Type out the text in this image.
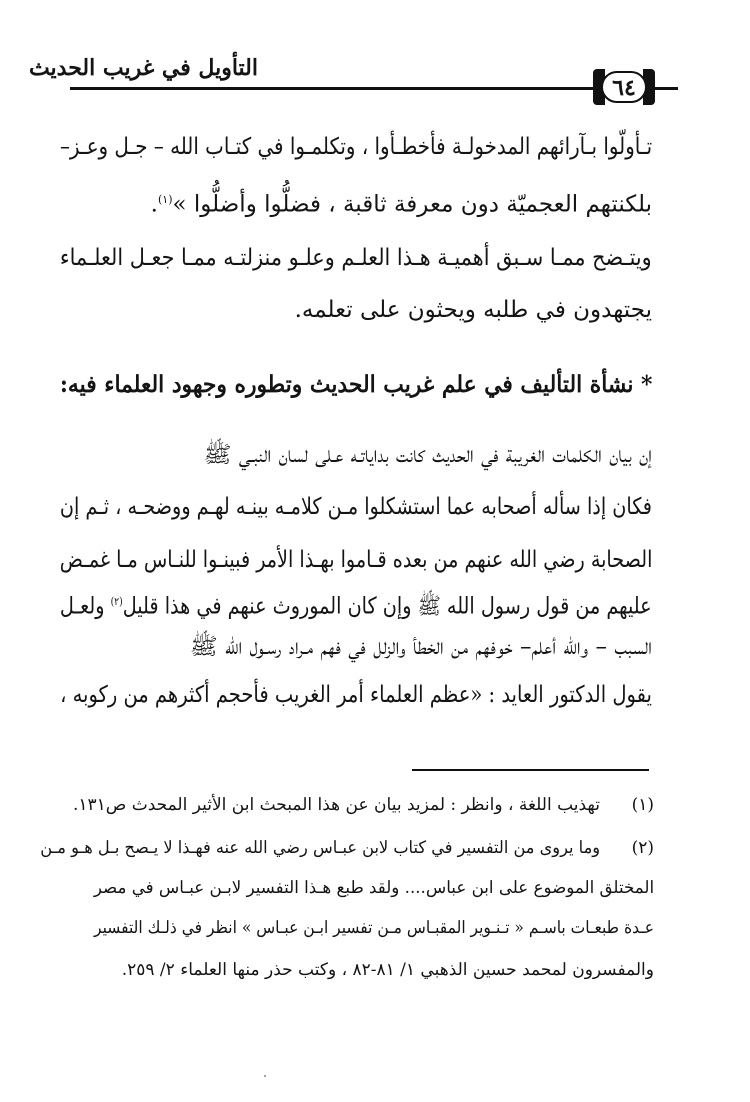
التأويل في غريب الحديث
٦٤
تـأولّوا بـآرائهم المدخولـة فأخطـأوا ، وتكلمـوا في كتـاب الله – جـل وعـز–
بلكنتهم العجميّة دون معرفة ثاقبة ، فضلُّوا وأضلُّوا »$^{(١)}$.
ويتـضح ممـا سـبق أهميـة هـذا العلـم وعلـو منزلتـه ممـا جعـل العلـماء
يجتهدون في طلبه ويحثون على تعلمه.
* نشأة التأليف في علم غريب الحديث وتطوره وجهود العلماء فيه:
إن بيان الكلمات الغريبة في الحديث كانت بداياتـه عـلى لسان النبـي ﷺ
فكان إذا سأله أصحابه عما استشكلوا مـن كلامـه بينـه لهـم ووضحـه ، ثـم إن
الصحابة رضي الله عنهم من بعده قـاموا بهـذا الأمر فبينـوا للنـاس مـا غمـض
عليهم من قول رسول الله ﷺ وإن كان الموروث عنهم في هذا قليل$^{(٢)}$ ولعـل
السبب – والله أعلم– خوفهم من الخطأ والزلل في فهم مـراد رسـول الله ﷺ
يقول الدكتور العايد : «عظم العلماء أمر الغريب فأحجم أكثرهم من ركوبه ،
(١)
تهذيب اللغة ، وانظر : لمزيد بيان عن هذا المبحث ابن الأثير المحدث ص١٣١.
(٢)
وما يروى من التفسير في كتاب لابن عبـاس رضي الله عنه فهـذا لا يـصح بـل هـو مـن
المختلق الموضوع على ابن عباس.... ولقد طبع هـذا التفسير لابـن عبـاس في مصر
عـدة طبعـات باسـم « تـنـوير المقبـاس مـن تفسير ابـن عبـاس » انظر في ذلـك التفسير
والمفسرون لمحمد حسين الذهبي ١/ ٨١-٨٢ ، وكتب حذر منها العلماء ٢/ ٢٥٩.
